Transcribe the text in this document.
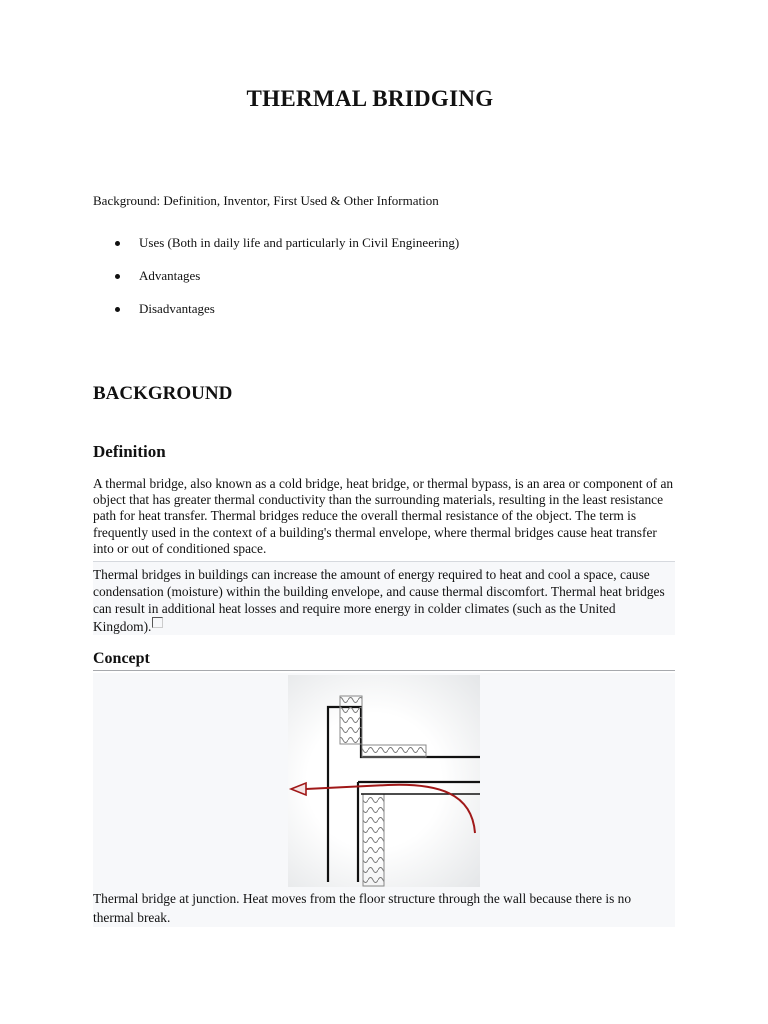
THERMAL BRIDGING
Background: Definition, Inventor, First Used & Other Information
Uses (Both in daily life and particularly in Civil Engineering)
Advantages
Disadvantages
BACKGROUND
Definition
A thermal bridge, also known as a cold bridge, heat bridge, or thermal bypass, is an area or component of an object that has greater thermal conductivity than the surrounding materials, resulting in the least resistance path for heat transfer. Thermal bridges reduce the overall thermal resistance of the object. The term is frequently used in the context of a building's thermal envelope, where thermal bridges cause heat transfer into or out of conditioned space.
Thermal bridges in buildings can increase the amount of energy required to heat and cool a space, cause condensation (moisture) within the building envelope, and cause thermal discomfort. Thermal heat bridges can result in additional heat losses and require more energy in colder climates (such as the United Kingdom).
Concept
Thermal bridge at junction. Heat moves from the floor structure through the wall because there is no thermal break.
